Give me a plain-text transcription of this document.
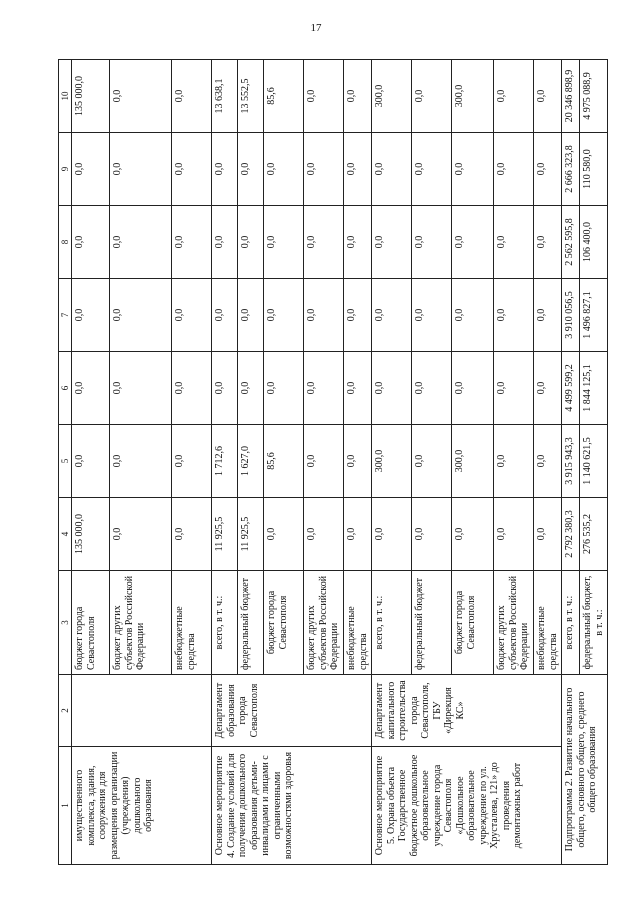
17
1	2	3	4	5	6	7	8	9	10
имущественного комплекса, здания, сооружения для размещения организации (учреждения) дошкольного образования		бюджет города Севастополя	135 000,0	0,0	0,0	0,0	0,0	0,0	135 000,0
		бюджет других субъектов Российской Федерации	0,0	0,0	0,0	0,0	0,0	0,0	0,0
		внебюджетные средства	0,0	0,0	0,0	0,0	0,0	0,0	0,0
Основное мероприятие 4. Создание условий для получения дошкольного образования детьми-инвалидами и лицами с ограниченными возможностями здоровья	Департамент образования города Севастополя	всего, в т. ч.:	11 925,5	1 712,6	0,0	0,0	0,0	0,0	13 638,1
		федеральный бюджет	11 925,5	1 627,0	0,0	0,0	0,0	0,0	13 552,5
		бюджет города Севастополя	0,0	85,6	0,0	0,0	0,0	0,0	85,6
		бюджет других субъектов Российской Федерации	0,0	0,0	0,0	0,0	0,0	0,0	0,0
		внебюджетные средства	0,0	0,0	0,0	0,0	0,0	0,0	0,0
Основное мероприятие 5. Охрана объекта Государственное бюджетное дошкольное образовательное учреждение города Севастополя «Дошкольное образовательное учреждение по ул. Хрусталева, 121» до проведения демонтажных работ	Департамент капитального строительства города Севастополя, ГБУ «Дирекция КС»	всего, в т. ч.:	0,0	300,0	0,0	0,0	0,0	0,0	300,0
		федеральный бюджет	0,0	0,0	0,0	0,0	0,0	0,0	0,0
		бюджет города Севастополя	0,0	300,0	0,0	0,0	0,0	0,0	300,0
		бюджет других субъектов Российской Федерации	0,0	0,0	0,0	0,0	0,0	0,0	0,0
		внебюджетные средства	0,0	0,0	0,0	0,0	0,0	0,0	0,0
Подпрограмма 2. Развитие начального общего, основного общего, среднего общего образования		всего, в т. ч.:	2 792 380,3	3 915 943,3	4 499 599,2	3 910 056,5	2 562 595,8	2 666 323,8	20 346 898,9
		федеральный бюджет, в т. ч.:	276 535,2	1 140 621,5	1 844 125,1	1 496 827,1	106 400,0	110 580,0	4 975 088,9
